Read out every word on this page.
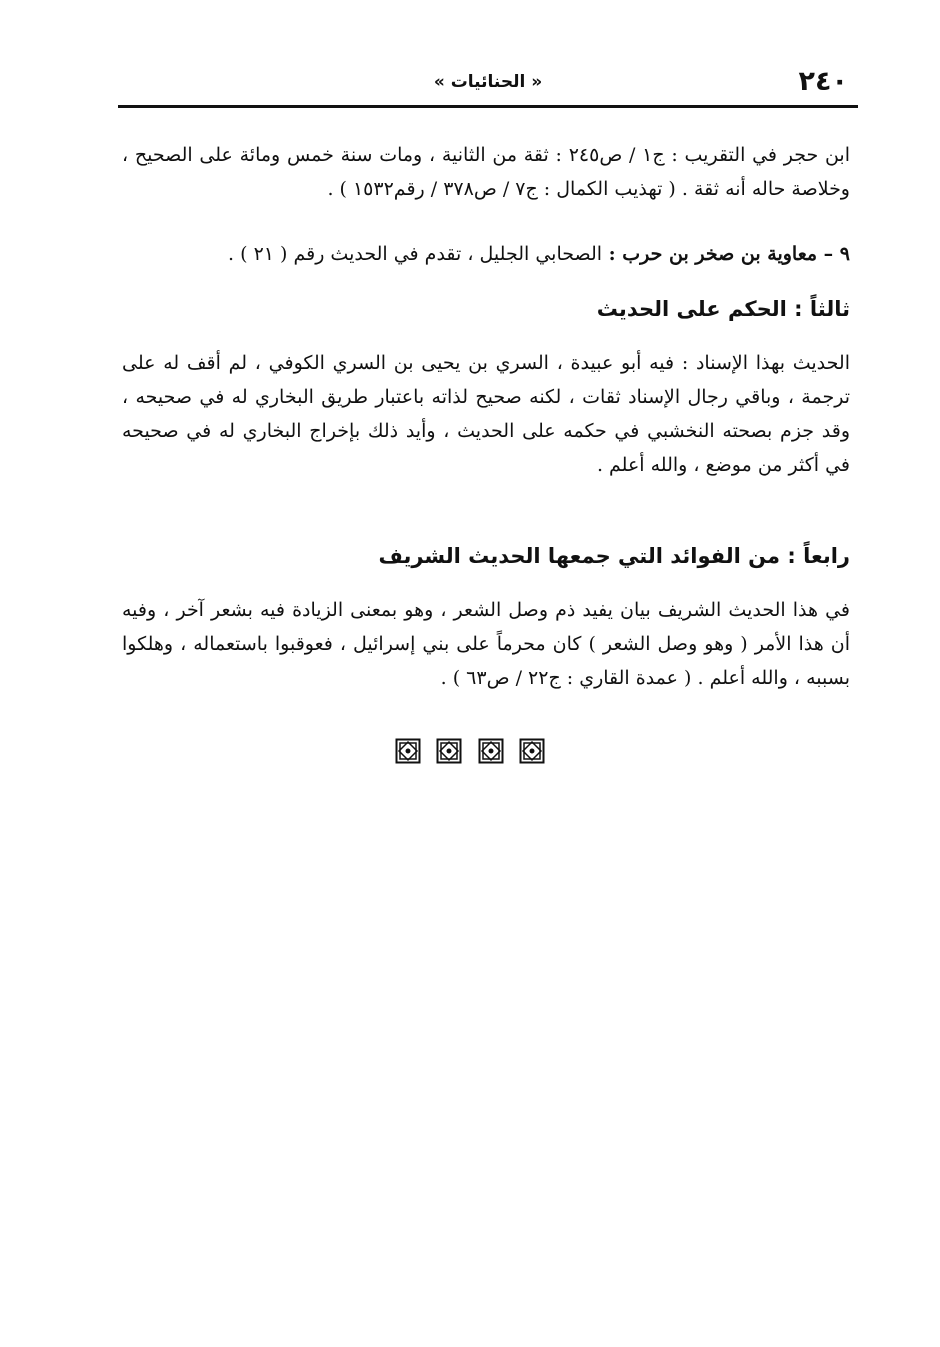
٢٤٠
« الحنائيات »
ابن حجر في التقريب : ج١ / ص٢٤٥ : ثقة من الثانية ، ومات سنة خمس ومائة على الصحيح ، وخلاصة حاله أنه ثقة . ( تهذيب الكمال : ج٧ / ص٣٧٨ / رقم١٥٣٢ ) .
٩ – معاوية بن صخر بن حرب : الصحابي الجليل ، تقدم في الحديث رقم ( ٢١ ) .
ثالثاً : الحكم على الحديث
الحديث بهذا الإسناد : فيه أبو عبيدة ، السري بن يحيى بن السري الكوفي ، لم أقف له على ترجمة ، وباقي رجال الإسناد ثقات ، لكنه صحيح لذاته باعتبار طريق البخاري له في صحيحه ، وقد جزم بصحته النخشبي في حكمه على الحديث ، وأيد ذلك بإخراج البخاري له في صحيحه في أكثر من موضع ، والله أعلم .
رابعاً : من الفوائد التي جمعها الحديث الشريف
في هذا الحديث الشريف بيان يفيد ذم وصل الشعر ، وهو بمعنى الزيادة فيه بشعر آخر ، وفيه أن هذا الأمر ( وهو وصل الشعر ) كان محرماً على بني إسرائيل ، فعوقبوا باستعماله ، وهلكوا بسببه ، والله أعلم . ( عمدة القاري : ج٢٢ / ص٦٣ ) .
